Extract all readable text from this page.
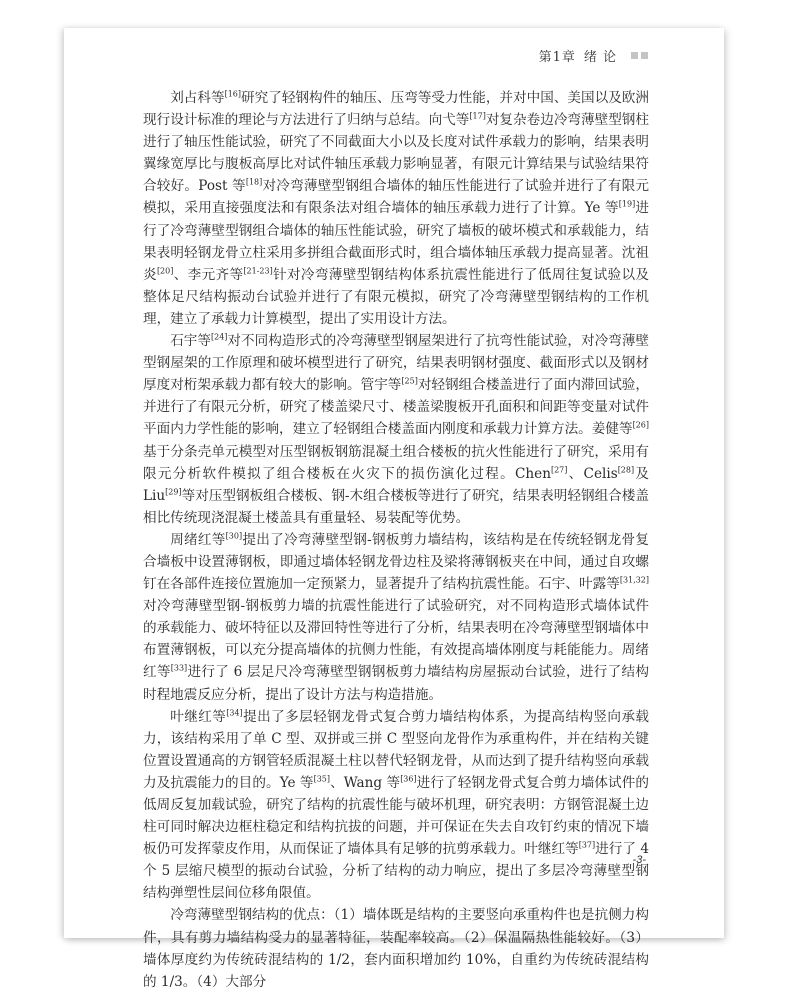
第1章 绪 论

刘占科等[16]研究了轻钢构件的轴压、压弯等受力性能，并对中国、美国以及欧洲现行设计标准的理论与方法进行了归纳与总结。向弋等[17]对复杂卷边冷弯薄壁型钢柱进行了轴压性能试验，研究了不同截面大小以及长度对试件承载力的影响，结果表明翼缘宽厚比与腹板高厚比对试件轴压承载力影响显著，有限元计算结果与试验结果符合较好。Post 等[18]对冷弯薄壁型钢组合墙体的轴压性能进行了试验并进行了有限元模拟，采用直接强度法和有限条法对组合墙体的轴压承载力进行了计算。Ye 等[19]进行了冷弯薄壁型钢组合墙体的轴压性能试验，研究了墙板的破坏模式和承载能力，结果表明轻钢龙骨立柱采用多拼组合截面形式时，组合墙体轴压承载力提高显著。沈祖炎[20]、李元齐等[21-23]针对冷弯薄壁型钢结构体系抗震性能进行了低周往复试验以及整体足尺结构振动台试验并进行了有限元模拟，研究了冷弯薄壁型钢结构的工作机理，建立了承载力计算模型，提出了实用设计方法。

石宇等[24]对不同构造形式的冷弯薄壁型钢屋架进行了抗弯性能试验，对冷弯薄壁型钢屋架的工作原理和破坏模型进行了研究，结果表明钢材强度、截面形式以及钢材厚度对桁架承载力都有较大的影响。管宇等[25]对轻钢组合楼盖进行了面内滞回试验，并进行了有限元分析，研究了楼盖梁尺寸、楼盖梁腹板开孔面积和间距等变量对试件平面内力学性能的影响，建立了轻钢组合楼盖面内刚度和承载力计算方法。姜健等[26]基于分条壳单元模型对压型钢板钢筋混凝土组合楼板的抗火性能进行了研究，采用有限元分析软件模拟了组合楼板在火灾下的损伤演化过程。Chen[27]、Celis[28]及 Liu[29]等对压型钢板组合楼板、钢-木组合楼板等进行了研究，结果表明轻钢组合楼盖相比传统现浇混凝土楼盖具有重量轻、易装配等优势。

周绪红等[30]提出了冷弯薄壁型钢-钢板剪力墙结构，该结构是在传统轻钢龙骨复合墙板中设置薄钢板，即通过墙体轻钢龙骨边柱及梁将薄钢板夹在中间，通过自攻螺钉在各部件连接位置施加一定预紧力，显著提升了结构抗震性能。石宇、叶露等[31,32]对冷弯薄壁型钢-钢板剪力墙的抗震性能进行了试验研究，对不同构造形式墙体试件的承载能力、破坏特征以及滞回特性等进行了分析，结果表明在冷弯薄壁型钢墙体中布置薄钢板，可以充分提高墙体的抗侧力性能，有效提高墙体刚度与耗能能力。周绪红等[33]进行了 6 层足尺冷弯薄壁型钢钢板剪力墙结构房屋振动台试验，进行了结构时程地震反应分析，提出了设计方法与构造措施。

叶继红等[34]提出了多层轻钢龙骨式复合剪力墙结构体系，为提高结构竖向承载力，该结构采用了单 C 型、双拼或三拼 C 型竖向龙骨作为承重构件，并在结构关键位置设置通高的方钢管轻质混凝土柱以替代轻钢龙骨，从而达到了提升结构竖向承载力及抗震能力的目的。Ye 等[35]、Wang 等[36]进行了轻钢龙骨式复合剪力墙体试件的低周反复加载试验，研究了结构的抗震性能与破坏机理，研究表明：方钢管混凝土边柱可同时解决边框柱稳定和结构抗拔的问题，并可保证在失去自攻钉约束的情况下墙板仍可发挥蒙皮作用，从而保证了墙体具有足够的抗剪承载力。叶继红等[37]进行了 4 个 5 层缩尺模型的振动台试验，分析了结构的动力响应，提出了多层冷弯薄壁型钢结构弹塑性层间位移角限值。

冷弯薄壁型钢结构的优点：（1）墙体既是结构的主要竖向承重构件也是抗侧力构件，具有剪力墙结构受力的显著特征，装配率较高。（2）保温隔热性能较好。（3）墙体厚度约为传统砖混结构的 1/2，套内面积增加约 10%，自重约为传统砖混结构的 1/3。（4）大部分

-3-
